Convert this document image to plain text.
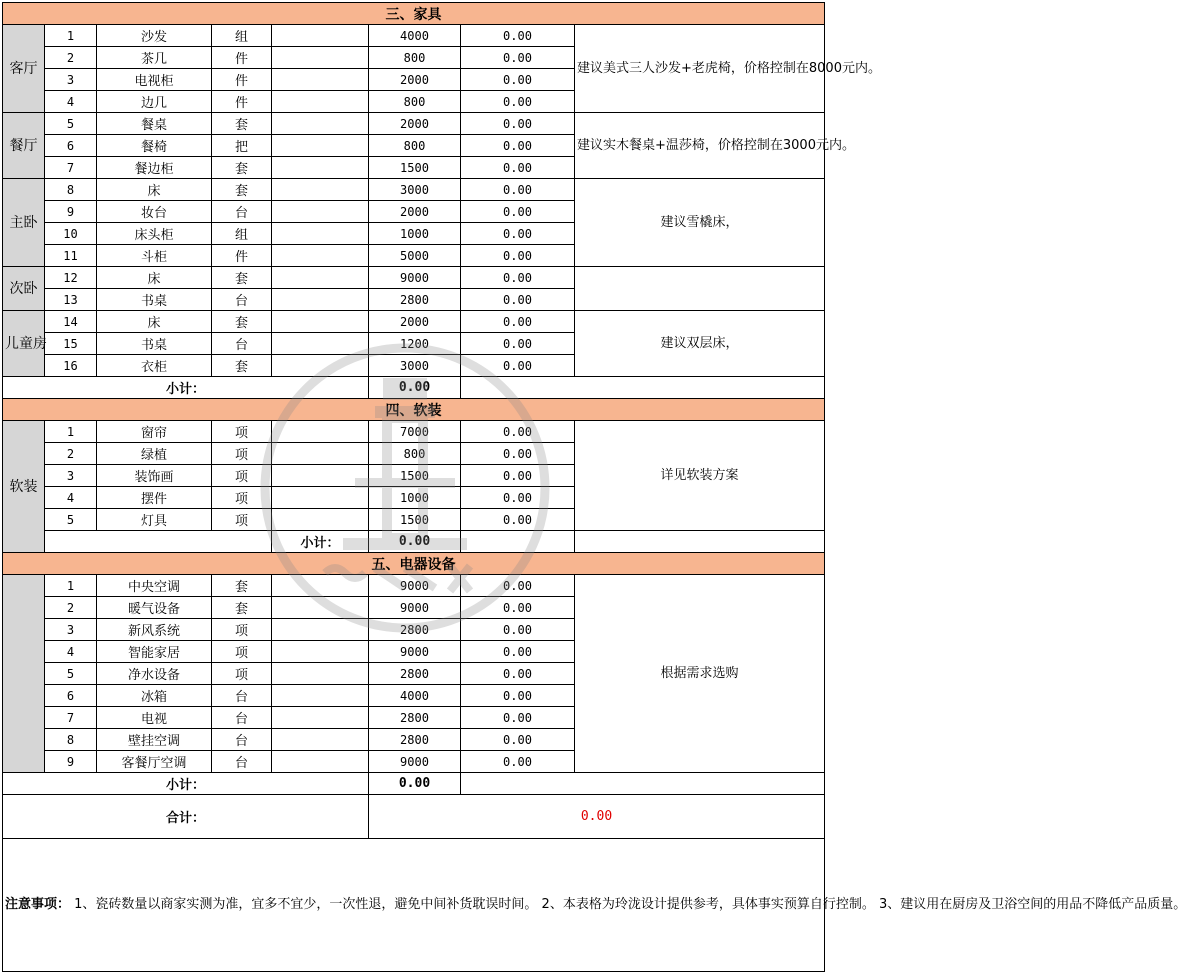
三、家具							
客厅	1	沙发	组		4000	0.00	建议美式三人沙发+老虎椅，价格控制在8000元内。
	2	茶几	件		800	0.00	
	3	电视柜	件		2000	0.00	
	4	边几	件		800	0.00	
餐厅	5	餐桌	套		2000	0.00	建议实木餐桌+温莎椅，价格控制在3000元内。
	6	餐椅	把		800	0.00	
	7	餐边柜	套		1500	0.00	
主卧	8	床	套		3000	0.00	建议雪橇床，
	9	妆台	台		2000	0.00	
	10	床头柜	组		1000	0.00	
	11	斗柜	件		5000	0.00	
次卧	12	床	套		9000	0.00	
	13	书桌	台		2800	0.00	
儿童房	14	床	套		2000	0.00	建议双层床，
	15	书桌	台		1200	0.00	
	16	衣柜	套		3000	0.00	
小计：					0.00		
四、软装							
软装	1	窗帘	项		7000	0.00	详见软装方案
	2	绿植	项		800	0.00	
	3	装饰画	项		1500	0.00	
	4	摆件	项		1000	0.00	
	5	灯具	项		1500	0.00	
				小计：	0.00		
五、电器设备							
	1	中央空调	套		9000	0.00	根据需求选购
	2	暖气设备	套		9000	0.00	
	3	新风系统	项		2800	0.00	
	4	智能家居	项		9000	0.00	
	5	净水设备	项		2800	0.00	
	6	冰箱	台		4000	0.00	
	7	电视	台		2800	0.00	
	8	壁挂空调	台		2800	0.00	
	9	客餐厅空调	台		9000	0.00	
小计：					0.00		
合计：					0.00		
注意事项： 1、瓷砖数量以商家实测为准，宜多不宜少，一次性退，避免中间补货耽误时间。 2、本表格为玲泷设计提供参考，具体事实预算自行控制。 3、建议用在厨房及卫浴空间的用品不降低产品质量。							
